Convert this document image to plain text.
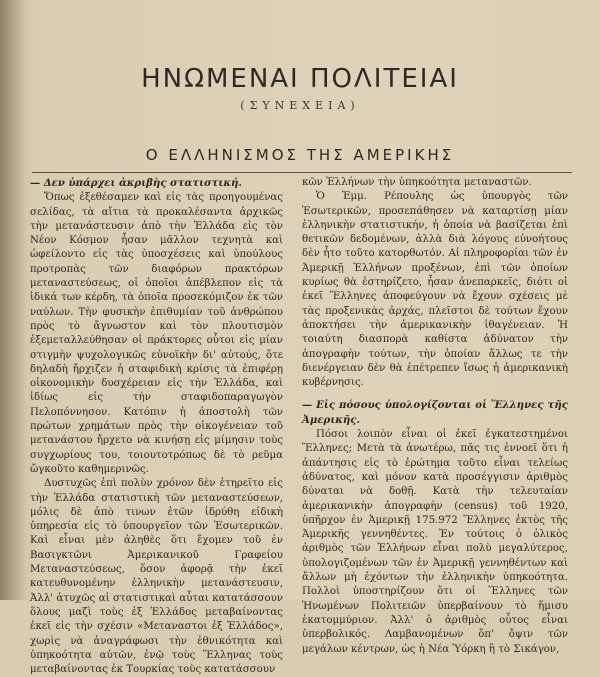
ΗΝΩΜΕΝΑΙ ΠΟΛΙΤΕΙΑΙ
(ΣΥΝΕΧΕΙΑ)
Ο ΕΛΛΗΝΙΣΜΟΣ ΤΗΣ ΑΜΕΡΙΚΗΣ

— Δεν ὑπάρχει ἀκριβὴς στατιστική.

Ὅπως ἐξεθέσαμεν καὶ εἰς τὰς προηγουμένας σελίδας, τὰ αἴτια τὰ προκαλέσαντα ἀρχικῶς τὴν μετανάστευσιν ἀπὸ τὴν Ἑλλάδα εἰς τὸν Νέον Κόσμον ἦσαν μᾶλλον τεχνητὰ καὶ ὠφείλοντο εἰς τὰς ὑποσχέσεις καὶ ὑπούλους προτροπὰς τῶν διαφόρων πρακτόρων μεταναστεύσεως, οἱ ὁποῖοι ἀπέβλεπον εἰς τὰ ἰδικά των κέρδη, τὰ ὁποῖα προσεκόμιζον ἐκ τῶν ναύλων. Τὴν φυσικὴν ἐπιθυμίαν τοῦ ἀνθρώπου πρὸς τὸ ἄγνωστον καὶ τὸν πλουτισμὸν ἐξεμεταλλεύθησαν οἱ πράκτορες οὗτοι εἰς μίαν στιγμὴν ψυχολογικῶς εὐνοϊκὴν δι' αὐτούς, ὅτε δηλαδὴ ἤρχιζεν ἡ σταφιδικὴ κρίσις τὰ ἐπιφέρῃ οἰκονομικὴν δυσχέρειαν εἰς τὴν Ἑλλάδα, καὶ ἰδίως εἰς τὴν σταφιδοπαραγωγὸν Πελοπόννησον. Κατόπιν ἡ ἀποστολὴ τῶν πρώτων χρημάτων πρὸς τὴν οἰκογένειαν τοῦ μετανάστου ἤρχετο νὰ κινήσῃ εἰς μίμησιν τοὺς συγχωρίους του, τοιουτοτρόπως δὲ τὸ ρεῦμα ὤγκοῦτο καθημερινῶς.

Δυστυχῶς ἐπὶ πολὺν χρόνον δὲν ἐτηρεῖτο εἰς τὴν Ἑλλάδα στατιστικὴ τῶν μεταναστεύσεων, μόλις δὲ ἀπὸ τινων ἐτῶν ἱδρύθη εἰδικὴ ὑπηρεσία εἰς τὸ ὑπουργεῖον τῶν Ἐσωτερικῶν. Καὶ εἶναι μὲν ἀληθὲς ὅτι ἔχομεν τοῦ ἐν Βασιγκτῶνι Ἀμερικανικοῦ Γραφείου Μεταναστεύσεως, ὅσον ἀφορᾷ τὴν ἐκεῖ κατευθυνομένην ἑλληνικὴν μετανάστευσιν, Ἀλλ' ἀτυχῶς αἱ στατιστικαὶ αὗται κατατάσσουν ὅλους μαζὶ τοὺς ἐξ Ἑλλάδος μεταβαίνοντας ἐκεῖ εἰς τὴν σχέσιν «Μεταναστοι ἐξ Ἑλλάδος», χωρὶς νὰ ἀναγράφωσι τὴν ἐθνικότητα καὶ ὑπηκοότητα αὐτῶν, ἐνῷ τοὺς Ἕλληνας τοὺς μεταβαίνοντας ἐκ Τουρκίας τοὺς κατατάσσουν

κῶν Ἑλλήνων τὴν ὑπηκοότητα μεταναστῶν.

Ὁ Ἐμμ. Ρέπουλης ὡς ὑπουργὸς τῶν Ἐσωτερικῶν, προσεπάθησεν νὰ καταρτίσῃ μίαν ἑλληνικὴν στατιστικήν, ἡ ὁποία νὰ βασίζεται ἐπὶ θετικῶν δεδομένων, ἀλλὰ διὰ λόγους εὐνοήτους δὲν ἦτο τοῦτο κατορθωτόν. Αἱ πληροφορίαι τῶν ἐν Ἀμερικῇ Ἑλλήνων προξένων, ἐπὶ τῶν ὁποίων κυρίως θὰ ἐστηρίζετο, ἦσαν ἀνεπαρκεῖς, διότι οἱ ἐκεῖ Ἕλληνες ἀποφεύγουν νὰ ἔχουν σχέσεις μὲ τὰς προξενικὰς ἀρχάς, πλεῖστοι δὲ τούτων ἔχουν ἀποκτήσει τὴν ἀμερικανικὴν ἰθαγένειαν. Ἡ τοιαύτη διασπορὰ καθίστα ἀδύνατον τὴν ἀπογραφὴν τούτων, τὴν ὁποίαν ἄλλως τε τὴν διενέργειαν δὲν θὰ ἐπέτρεπεν ἴσως ἡ ἀμερικανικὴ κυβέρνησις.

— Εἰς πόσους ὑπολογίζονται οἱ Ἕλληνες τῆς Ἀμερικῆς.

Πόσοι λοιπὸν εἶναι οἱ ἐκεῖ ἐγκατεστημένοι Ἕλληνες; Μετὰ τὰ ἀνωτέρω, πᾶς τις ἐννοεῖ ὅτι ἡ ἀπάντησις εἰς τὸ ἐρώτημα τοῦτο εἶναι τελείως ἀδύνατος, καὶ μόνον κατὰ προσέγγισιν ἀριθμὸς δύναται νὰ δοθῇ. Κατὰ τὴν τελευταίαν ἀμερικανικὴν ἀπογραφὴν (census) τοῦ 1920, ὑπῆρχον ἐν Ἀμερικῇ 175.972 Ἕλληνες ἐκτὸς τῆς Ἀμερικῆς γεννηθέντες. Ἐν τούτοις ὁ ὁλικὸς ἀριθμὸς τῶν Ἑλλήνων εἶναι πολὺ μεγαλύτερος, ὑπολογιζομένων τῶν ἐν Ἀμερικῇ γεννηθέντων καὶ ἄλλων μὴ ἐχόντων τὴν ἑλληνικὴν ὑπηκοότητα. Πολλοὶ ὑποστηρίζουν ὅτι οἱ Ἕλληνες τῶν Ἡνωμένων Πολιτειῶν ὑπερβαίνουν τὸ ἥμισυ ἑκατομμύριον. Ἀλλ' ὁ ἀριθμὸς οὗτος εἶναι ὑπερβολικός. Λαμβανομένων ὅπ' ὄψιν τῶν μεγάλων κέντρων, ὡς ἡ Νέα Ὑόρκη ἢ τὸ Σικάγον,
